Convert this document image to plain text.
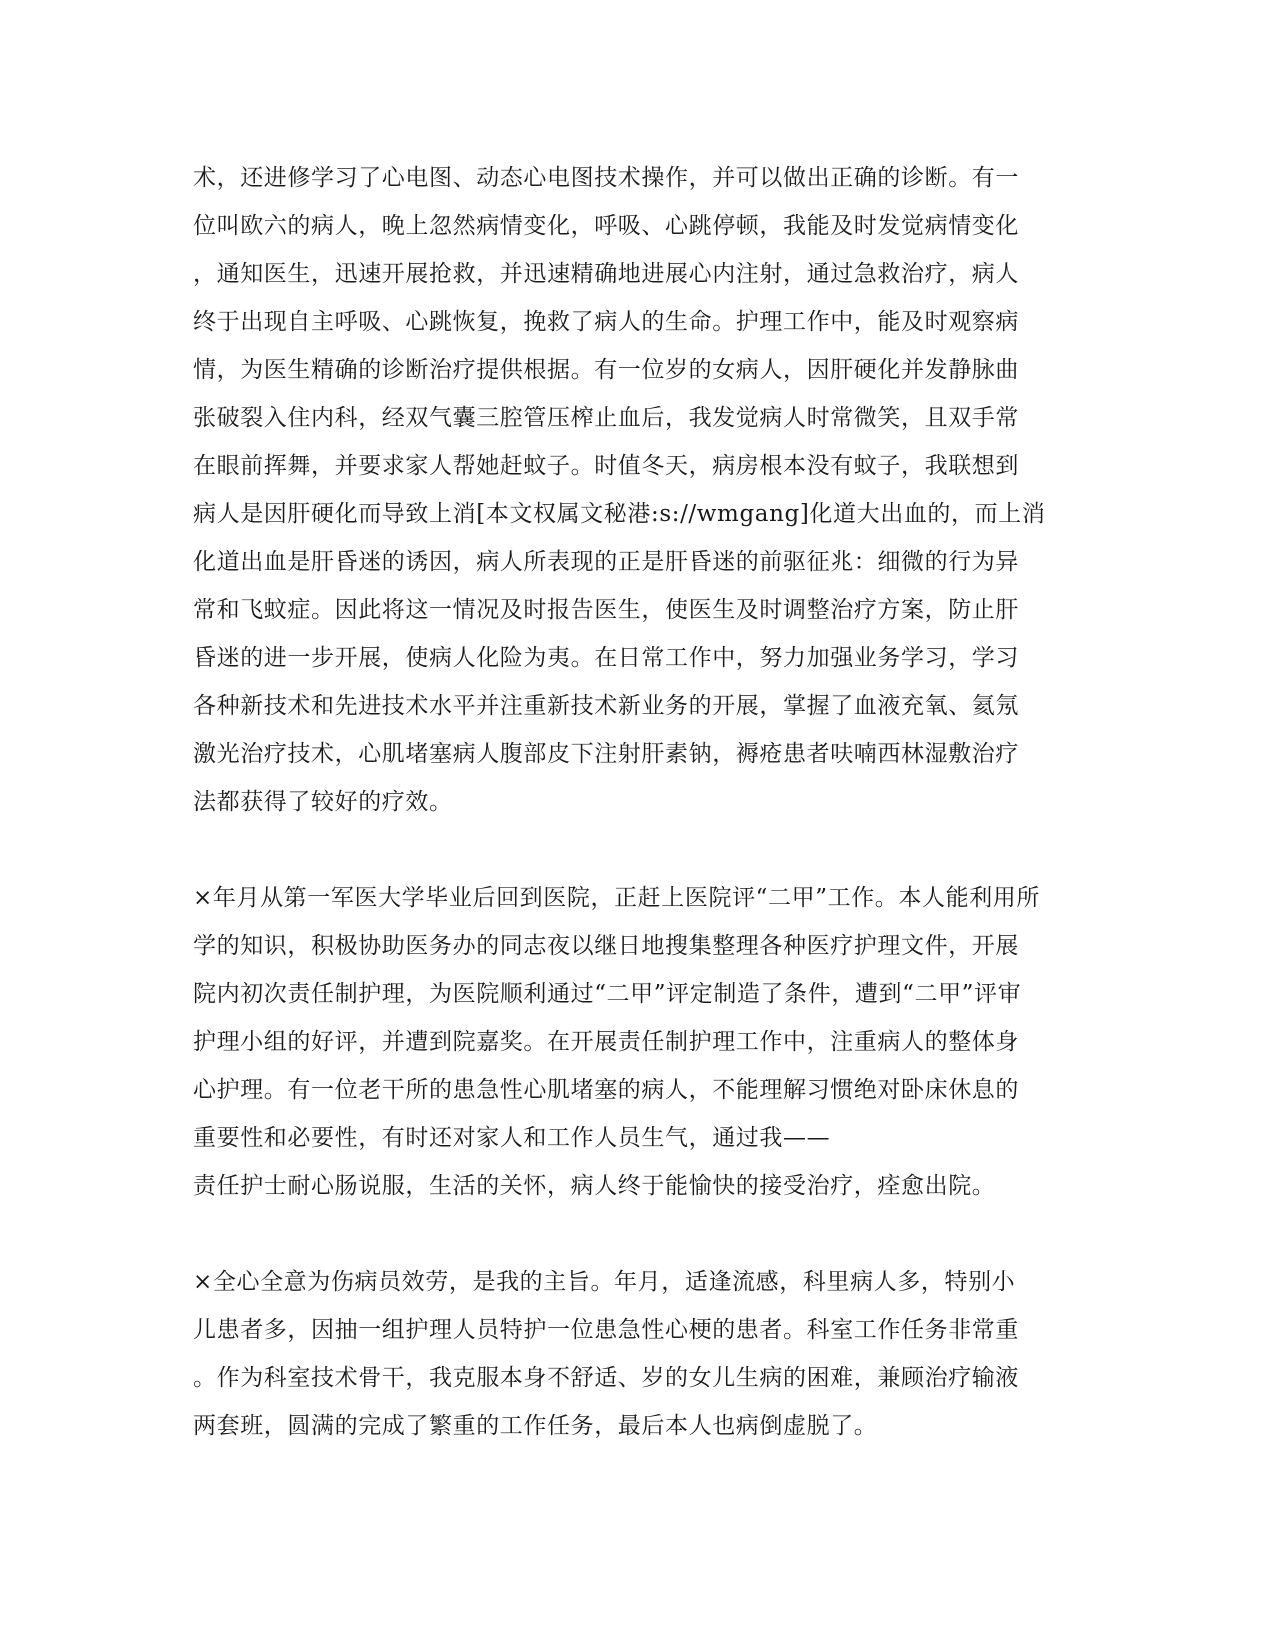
术，还进修学习了心电图、动态心电图技术操作，并可以做出正确的诊断。有一
位叫欧六的病人，晚上忽然病情变化，呼吸、心跳停顿，我能及时发觉病情变化
，通知医生，迅速开展抢救，并迅速精确地进展心内注射，通过急救治疗，病人
终于出现自主呼吸、心跳恢复，挽救了病人的生命。护理工作中，能及时观察病
情，为医生精确的诊断治疗提供根据。有一位岁的女病人，因肝硬化并发静脉曲
张破裂入住内科，经双气囊三腔管压榨止血后，我发觉病人时常微笑，且双手常
在眼前挥舞，并要求家人帮她赶蚊子。时值冬天，病房根本没有蚊子，我联想到
病人是因肝硬化而导致上消[本文权属文秘港:s://wmgang]化道大出血的，而上消
化道出血是肝昏迷的诱因，病人所表现的正是肝昏迷的前驱征兆：细微的行为异
常和飞蚊症。因此将这一情况及时报告医生，使医生及时调整治疗方案，防止肝
昏迷的进一步开展，使病人化险为夷。在日常工作中，努力加强业务学习，学习
各种新技术和先进技术水平并注重新技术新业务的开展，掌握了血液充氧、氦氖
激光治疗技术，心肌堵塞病人腹部皮下注射肝素钠，褥疮患者呋喃西林湿敷治疗
法都获得了较好的疗效。
×年月从第一军医大学毕业后回到医院，正赶上医院评“二甲”工作。本人能利用所
学的知识，积极协助医务办的同志夜以继日地搜集整理各种医疗护理文件，开展
院内初次责任制护理，为医院顺利通过“二甲”评定制造了条件，遭到“二甲”评审
护理小组的好评，并遭到院嘉奖。在开展责任制护理工作中，注重病人的整体身
心护理。有一位老干所的患急性心肌堵塞的病人，不能理解习惯绝对卧床休息的
重要性和必要性，有时还对家人和工作人员生气，通过我——
责任护士耐心肠说服，生活的关怀，病人终于能愉快的接受治疗，痊愈出院。
×全心全意为伤病员效劳，是我的主旨。年月，适逢流感，科里病人多，特别小
儿患者多，因抽一组护理人员特护一位患急性心梗的患者。科室工作任务非常重
。作为科室技术骨干，我克服本身不舒适、岁的女儿生病的困难，兼顾治疗输液
两套班，圆满的完成了繁重的工作任务，最后本人也病倒虚脱了。
